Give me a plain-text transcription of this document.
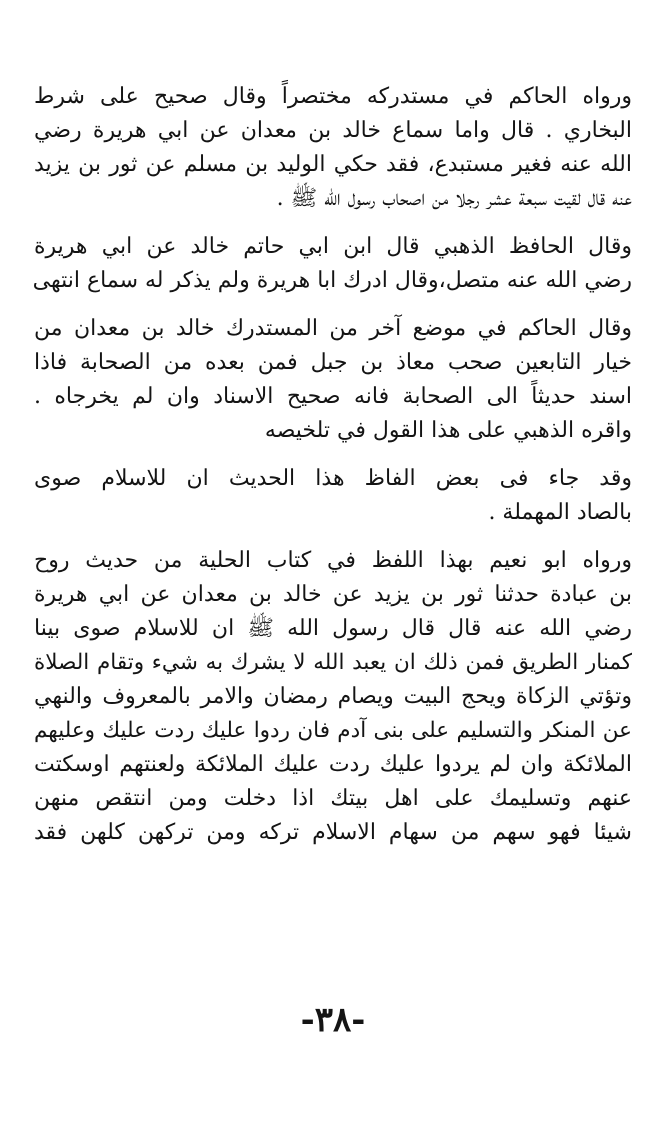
ورواه الحاكم في مستدركه مختصراً وقال صحيح على شرط
البخاري . قال واما سماع خالد بن معدان عن ابي هريرة رضي
الله عنه فغير مستبدع، فقد حكي الوليد بن مسلم عن ثور بن يزيد
عنه قال لقيت سبعة عشر رجلا من اصحاب رسول الله ﷺ .
وقال الحافظ الذهبي قال ابن ابي حاتم خالد عن ابي هريرة
رضي الله عنه متصل،وقال ادرك ابا هريرة ولم يذكر له سماع انتهى
وقال الحاكم في موضع آخر من المستدرك خالد بن معدان من
خيار التابعين صحب معاذ بن جبل فمن بعده من الصحابة فاذا
اسند حديثاً الى الصحابة فانه صحيح الاسناد وان لم يخرجاه .
واقره الذهبي على هذا القول في تلخيصه
وقد جاء فى بعض الفاظ هذا الحديث ان للاسلام صوى
بالصاد المهملة .
ورواه ابو نعيم بهذا اللفظ في كتاب الحلية من حديث روح
بن عبادة حدثنا ثور بن يزيد عن خالد بن معدان عن ابي هريرة
رضي الله عنه قال قال رسول الله ﷺ ان للاسلام صوى بينا
كمنار الطريق فمن ذلك ان يعبد الله لا يشرك به شيء وتقام الصلاة
وتؤتي الزكاة ويحج البيت ويصام رمضان والامر بالمعروف والنهي
عن المنكر والتسليم على بنى آدم فان ردوا عليك ردت عليك وعليهم
الملائكة وان لم يردوا عليك ردت عليك الملائكة ولعنتهم اوسكتت
عنهم وتسليمك على اهل بيتك اذا دخلت ومن انتقص منهن
شيئا فهو سهم من سهام الاسلام تركه ومن تركهن كلهن فقد
-٣٨-
